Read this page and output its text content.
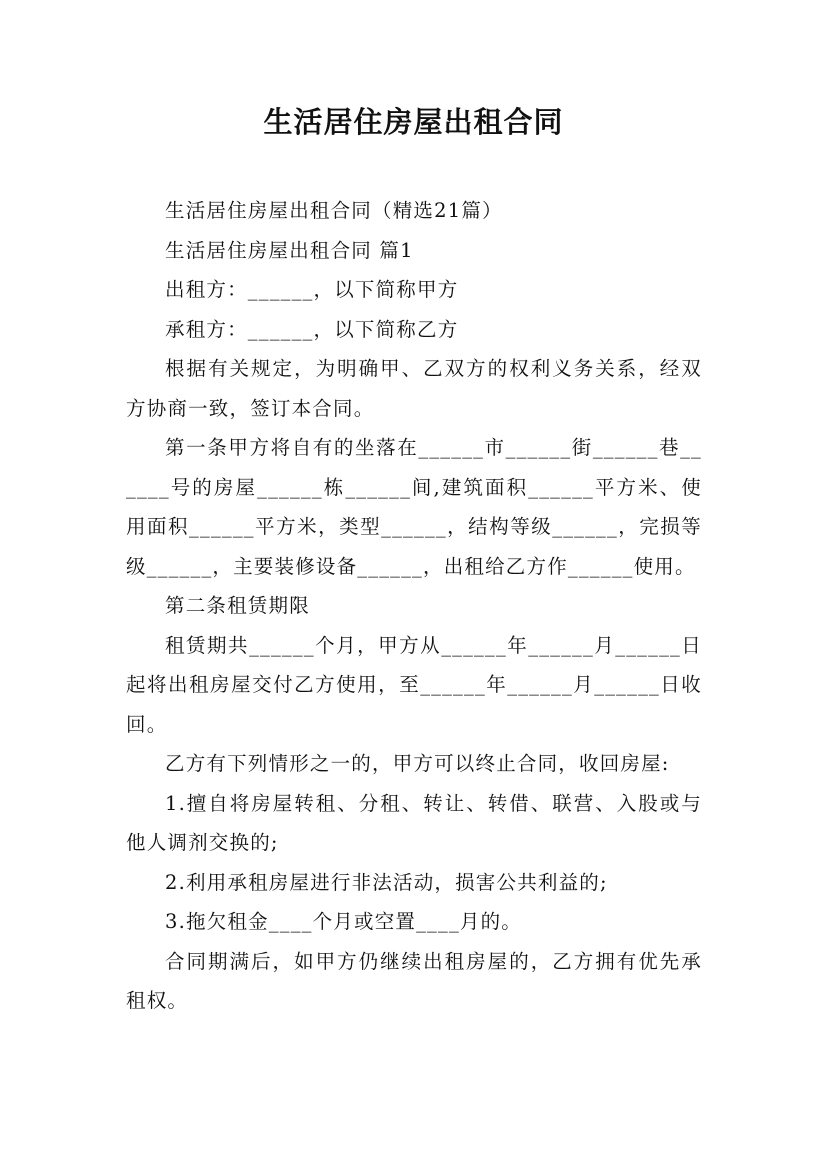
生活居住房屋出租合同

生活居住房屋出租合同（精选21篇）

生活居住房屋出租合同 篇1

出租方：______，以下简称甲方

承租方：______，以下简称乙方

根据有关规定，为明确甲、乙双方的权利义务关系，经双方协商一致，签订本合同。

第一条甲方将自有的坐落在______市______街______巷______号的房屋______栋______间,建筑面积______平方米、使用面积______平方米，类型______，结构等级______，完损等级______，主要装修设备______，出租给乙方作______使用。

第二条租赁期限

租赁期共______个月，甲方从______年______月______日起将出租房屋交付乙方使用，至______年______月______日收回。

乙方有下列情形之一的，甲方可以终止合同，收回房屋:

1.擅自将房屋转租、分租、转让、转借、联营、入股或与他人调剂交换的;

2.利用承租房屋进行非法活动，损害公共利益的;

3.拖欠租金____个月或空置____月的。

合同期满后，如甲方仍继续出租房屋的，乙方拥有优先承租权。
